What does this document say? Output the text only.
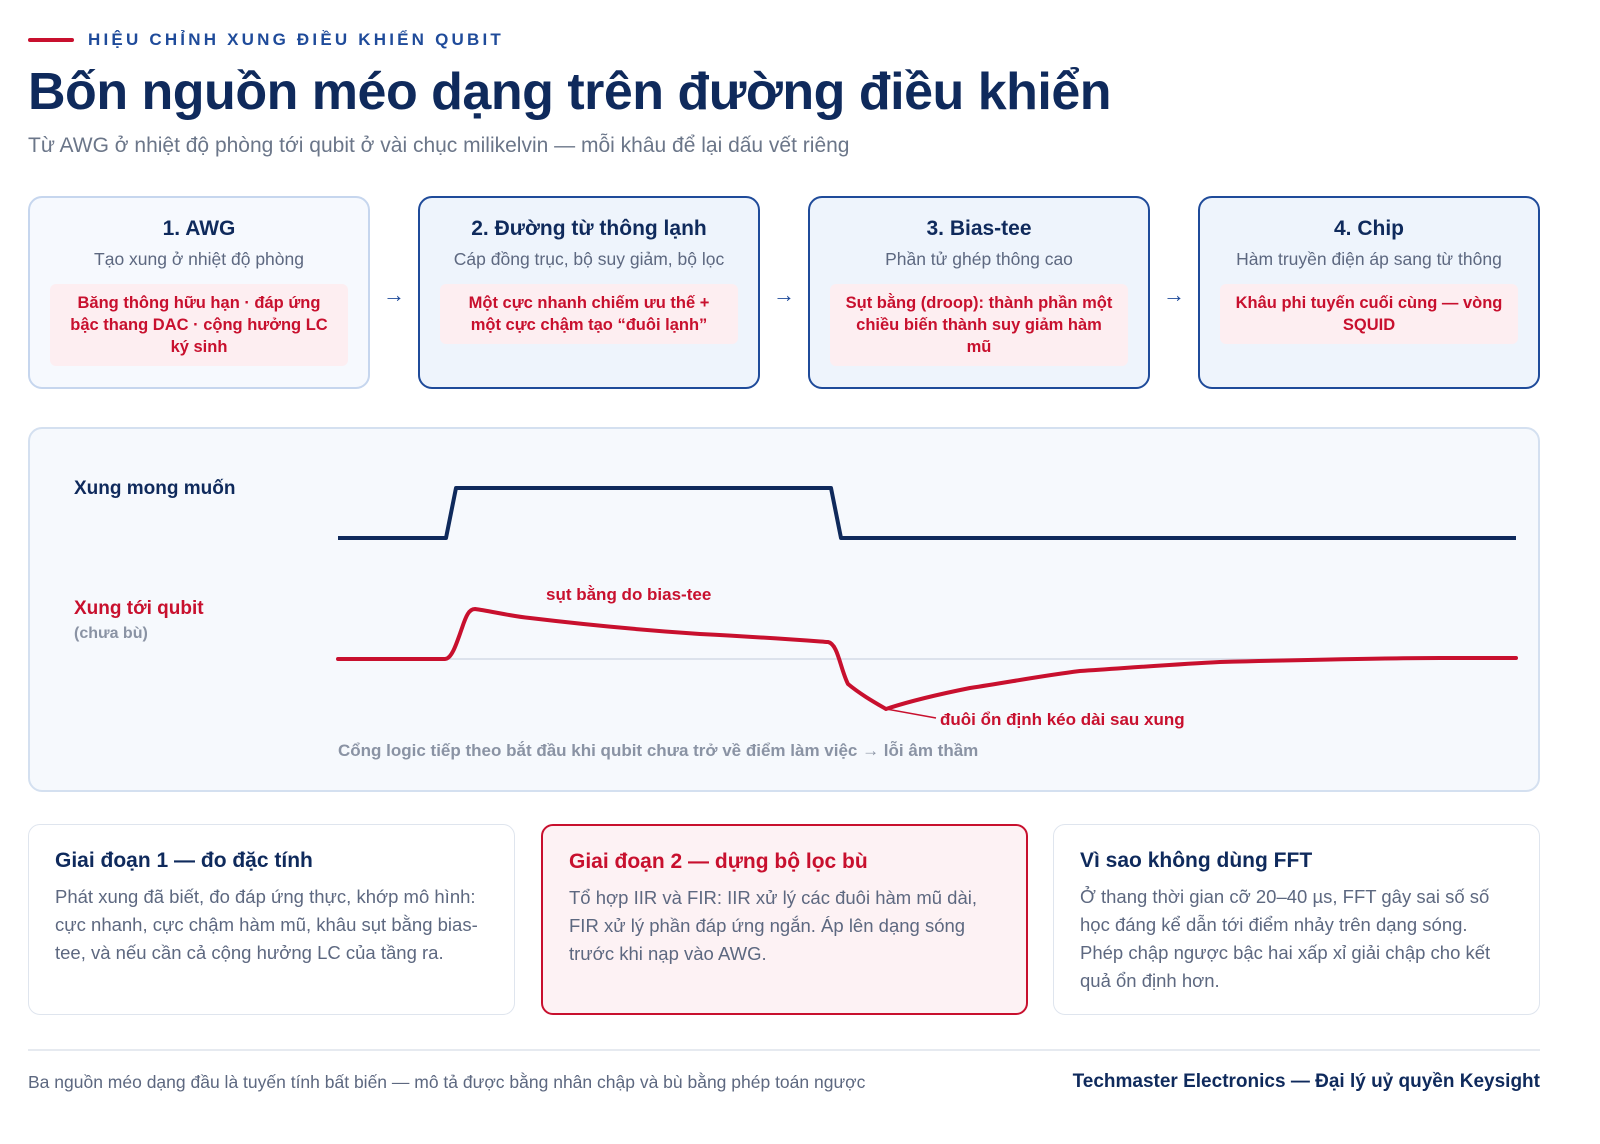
HIỆU CHỈNH XUNG ĐIỀU KHIỂN QUBIT
Bốn nguồn méo dạng trên đường điều khiển
Từ AWG ở nhiệt độ phòng tới qubit ở vài chục milikelvin — mỗi khâu để lại dấu vết riêng
1. AWG
Tạo xung ở nhiệt độ phòng
Băng thông hữu hạn · đáp ứng bậc thang DAC · cộng hưởng LC ký sinh
→
2. Đường từ thông lạnh
Cáp đồng trục, bộ suy giảm, bộ lọc
Một cực nhanh chiếm ưu thế + một cực chậm tạo “đuôi lạnh”
→
3. Bias-tee
Phần tử ghép thông cao
Sụt bằng (droop): thành phần một chiều biến thành suy giảm hàm mũ
→
4. Chip
Hàm truyền điện áp sang từ thông
Khâu phi tuyến cuối cùng — vòng SQUID
Xung mong muốn
Xung tới qubit
(chưa bù)
sụt bằng do bias-tee
đuôi ổn định kéo dài sau xung
Cổng logic tiếp theo bắt đầu khi qubit chưa trở về điểm làm việc → lỗi âm thầm
Giai đoạn 1 — đo đặc tính
Phát xung đã biết, đo đáp ứng thực, khớp mô hình: cực nhanh, cực chậm hàm mũ, khâu sụt bằng bias-tee, và nếu cần cả cộng hưởng LC của tầng ra.
Giai đoạn 2 — dựng bộ lọc bù
Tổ hợp IIR và FIR: IIR xử lý các đuôi hàm mũ dài, FIR xử lý phần đáp ứng ngắn. Áp lên dạng sóng trước khi nạp vào AWG.
Vì sao không dùng FFT
Ở thang thời gian cỡ 20–40 µs, FFT gây sai số số học đáng kể dẫn tới điểm nhảy trên dạng sóng. Phép chập ngược bậc hai xấp xỉ giải chập cho kết quả ổn định hơn.
Ba nguồn méo dạng đầu là tuyến tính bất biến — mô tả được bằng nhân chập và bù bằng phép toán ngược	Techmaster Electronics — Đại lý uỷ quyền Keysight
